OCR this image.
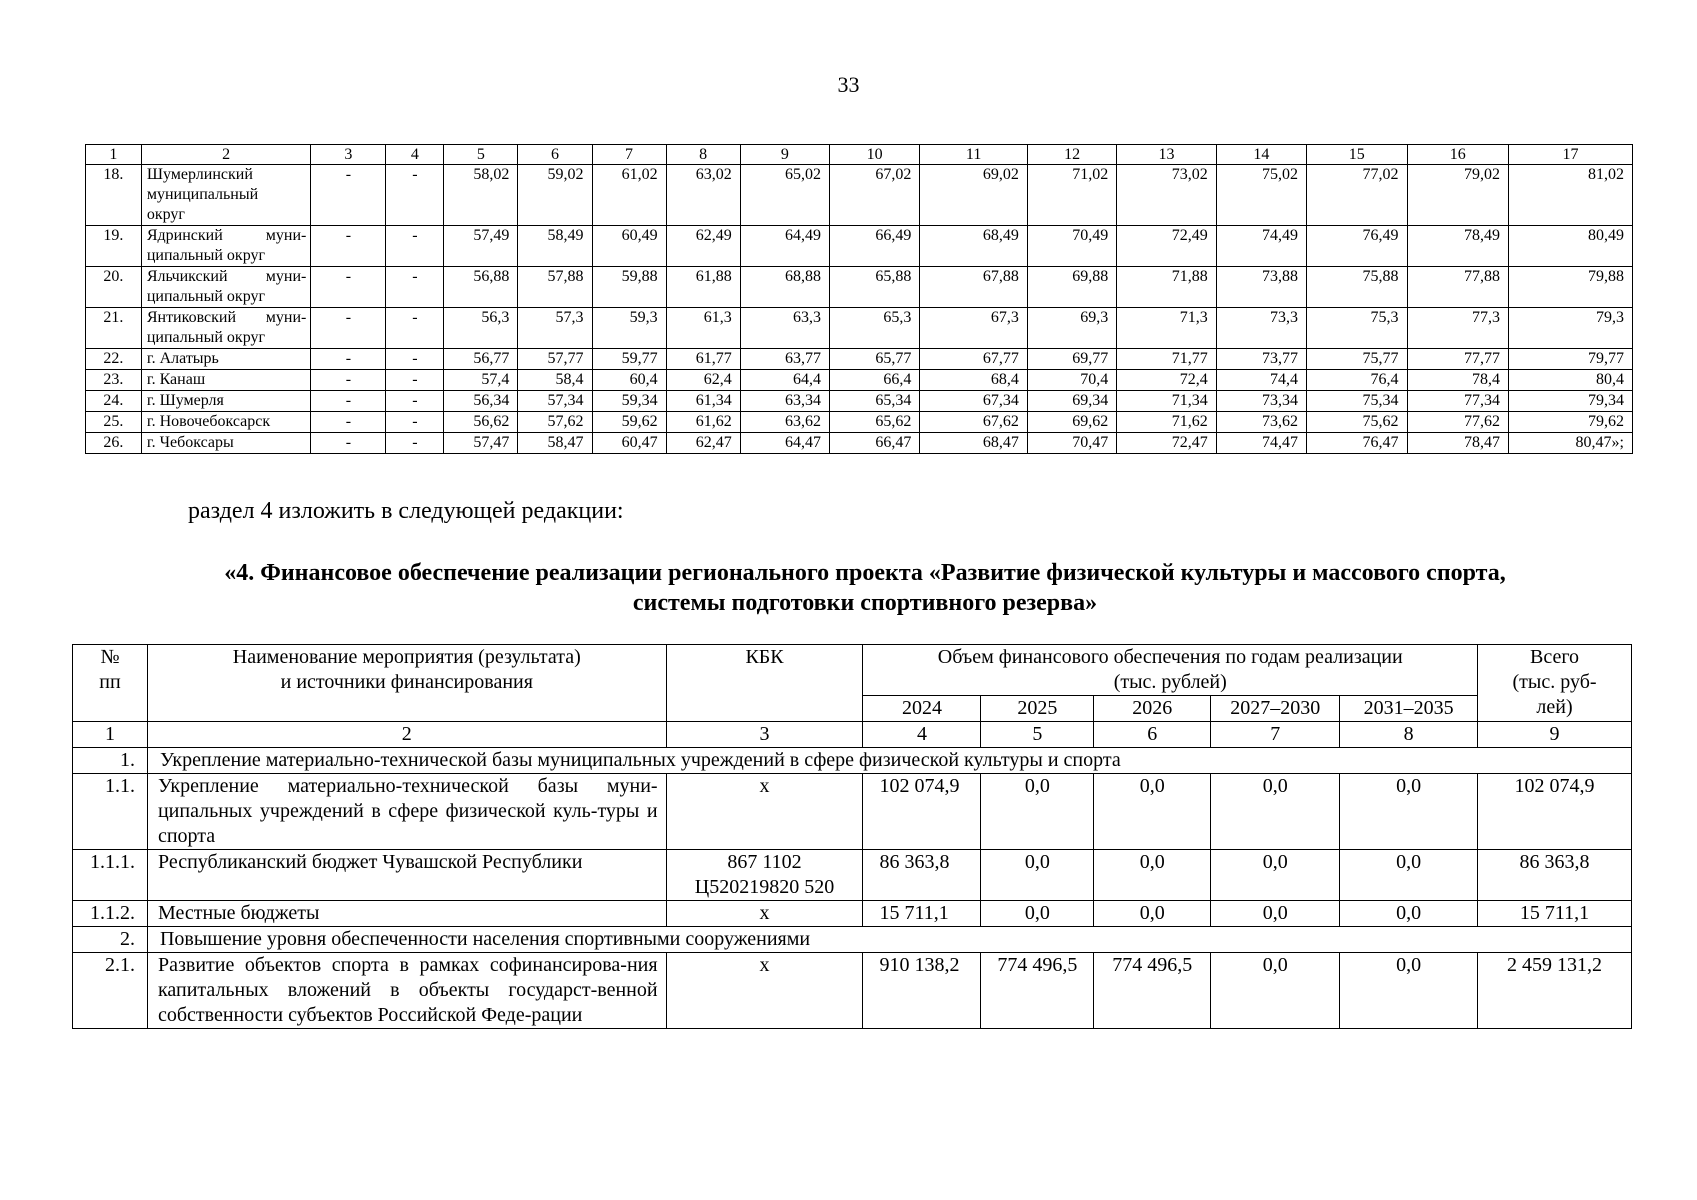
33
1	2	3	4	5	6	7	8	9	10	11	12	13	14	15	16	17
18.	Шумерлинский
муниципальный
округ	-	-	58,02	59,02	61,02	63,02	65,02	67,02	69,02	71,02	73,02	75,02	77,02	79,02	81,02
19.	Ядринский муни-
ципальный округ	-	-	57,49	58,49	60,49	62,49	64,49	66,49	68,49	70,49	72,49	74,49	76,49	78,49	80,49
20.	Яльчикский муни-
ципальный округ	-	-	56,88	57,88	59,88	61,88	68,88	65,88	67,88	69,88	71,88	73,88	75,88	77,88	79,88
21.	Янтиковский муни-
ципальный округ	-	-	56,3	57,3	59,3	61,3	63,3	65,3	67,3	69,3	71,3	73,3	75,3	77,3	79,3
22.	г. Алатырь	-	-	56,77	57,77	59,77	61,77	63,77	65,77	67,77	69,77	71,77	73,77	75,77	77,77	79,77
23.	г. Канаш	-	-	57,4	58,4	60,4	62,4	64,4	66,4	68,4	70,4	72,4	74,4	76,4	78,4	80,4
24.	г. Шумерля	-	-	56,34	57,34	59,34	61,34	63,34	65,34	67,34	69,34	71,34	73,34	75,34	77,34	79,34
25.	г. Новочебоксарск	-	-	56,62	57,62	59,62	61,62	63,62	65,62	67,62	69,62	71,62	73,62	75,62	77,62	79,62
26.	г. Чебоксары	-	-	57,47	58,47	60,47	62,47	64,47	66,47	68,47	70,47	72,47	74,47	76,47	78,47	80,47»;
раздел 4 изложить в следующей редакции:
«4. Финансовое обеспечение реализации регионального проекта «Развитие физической культуры и массового спорта,
системы подготовки спортивного резерва»
№
пп	Наименование мероприятия (результата)
и источники финансирования	КБК	Объем финансового обеспечения по годам реализации
(тыс. рублей)					Всего
(тыс. руб-
лей)
			2024	2025	2026	2027–2030	2031–2035	
1	2	3	4	5	6	7	8	9
1.	Укрепление материально-технической базы муниципальных учреждений в сфере физической культуры и спорта							
1.1.	Укрепление материально-технической базы муни-ципальных учреждений в сфере физической куль-туры и спорта	х	102 074,9	0,0	0,0	0,0	0,0	102 074,9
1.1.1.	Республиканский бюджет Чувашской Республики	867 1102
Ц520219820 520	86 363,8	0,0	0,0	0,0	0,0	86 363,8
1.1.2.	Местные бюджеты	х	15 711,1	0,0	0,0	0,0	0,0	15 711,1
2.	Повышение уровня обеспеченности населения спортивными сооружениями							
2.1.	Развитие объектов спорта в рамках софинансирова-ния капитальных вложений в объекты государст-венной собственности субъектов Российской Феде-рации	х	910 138,2	774 496,5	774 496,5	0,0	0,0	2 459 131,2
